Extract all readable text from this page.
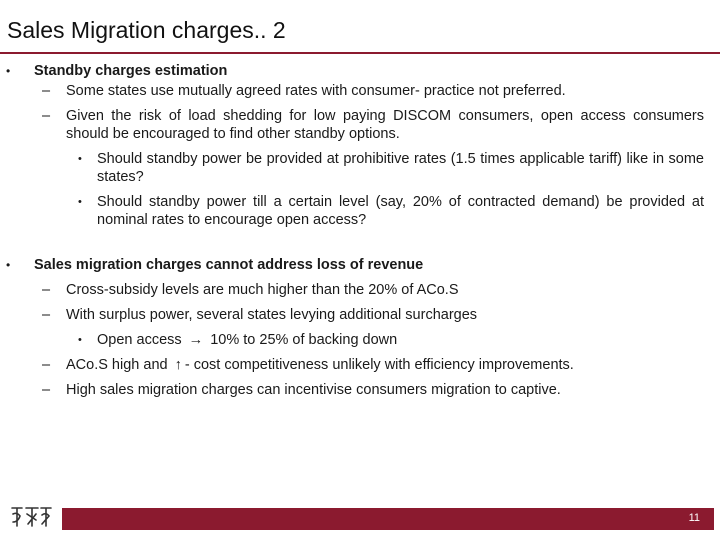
Sales Migration charges.. 2
• Standby charges estimation
– Some states use mutually agreed rates with consumer- practice not preferred.
– Given the risk of load shedding for low paying DISCOM consumers, open access consumers should be encouraged to find other standby options.
• Should standby power be provided at prohibitive rates (1.5 times applicable tariff) like in some states?
• Should standby power till a certain level (say, 20% of contracted demand) be provided at nominal rates to encourage open access?
• Sales migration charges cannot address loss of revenue
– Cross-subsidy levels are much higher than the 20% of ACo.S
– With surplus power, several states levying additional surcharges
• Open access → 10% to 25% of backing down
– ACo.S high and ↑ - cost competitiveness unlikely with efficiency improvements.
– High sales migration charges can incentivise consumers migration to captive.
11
